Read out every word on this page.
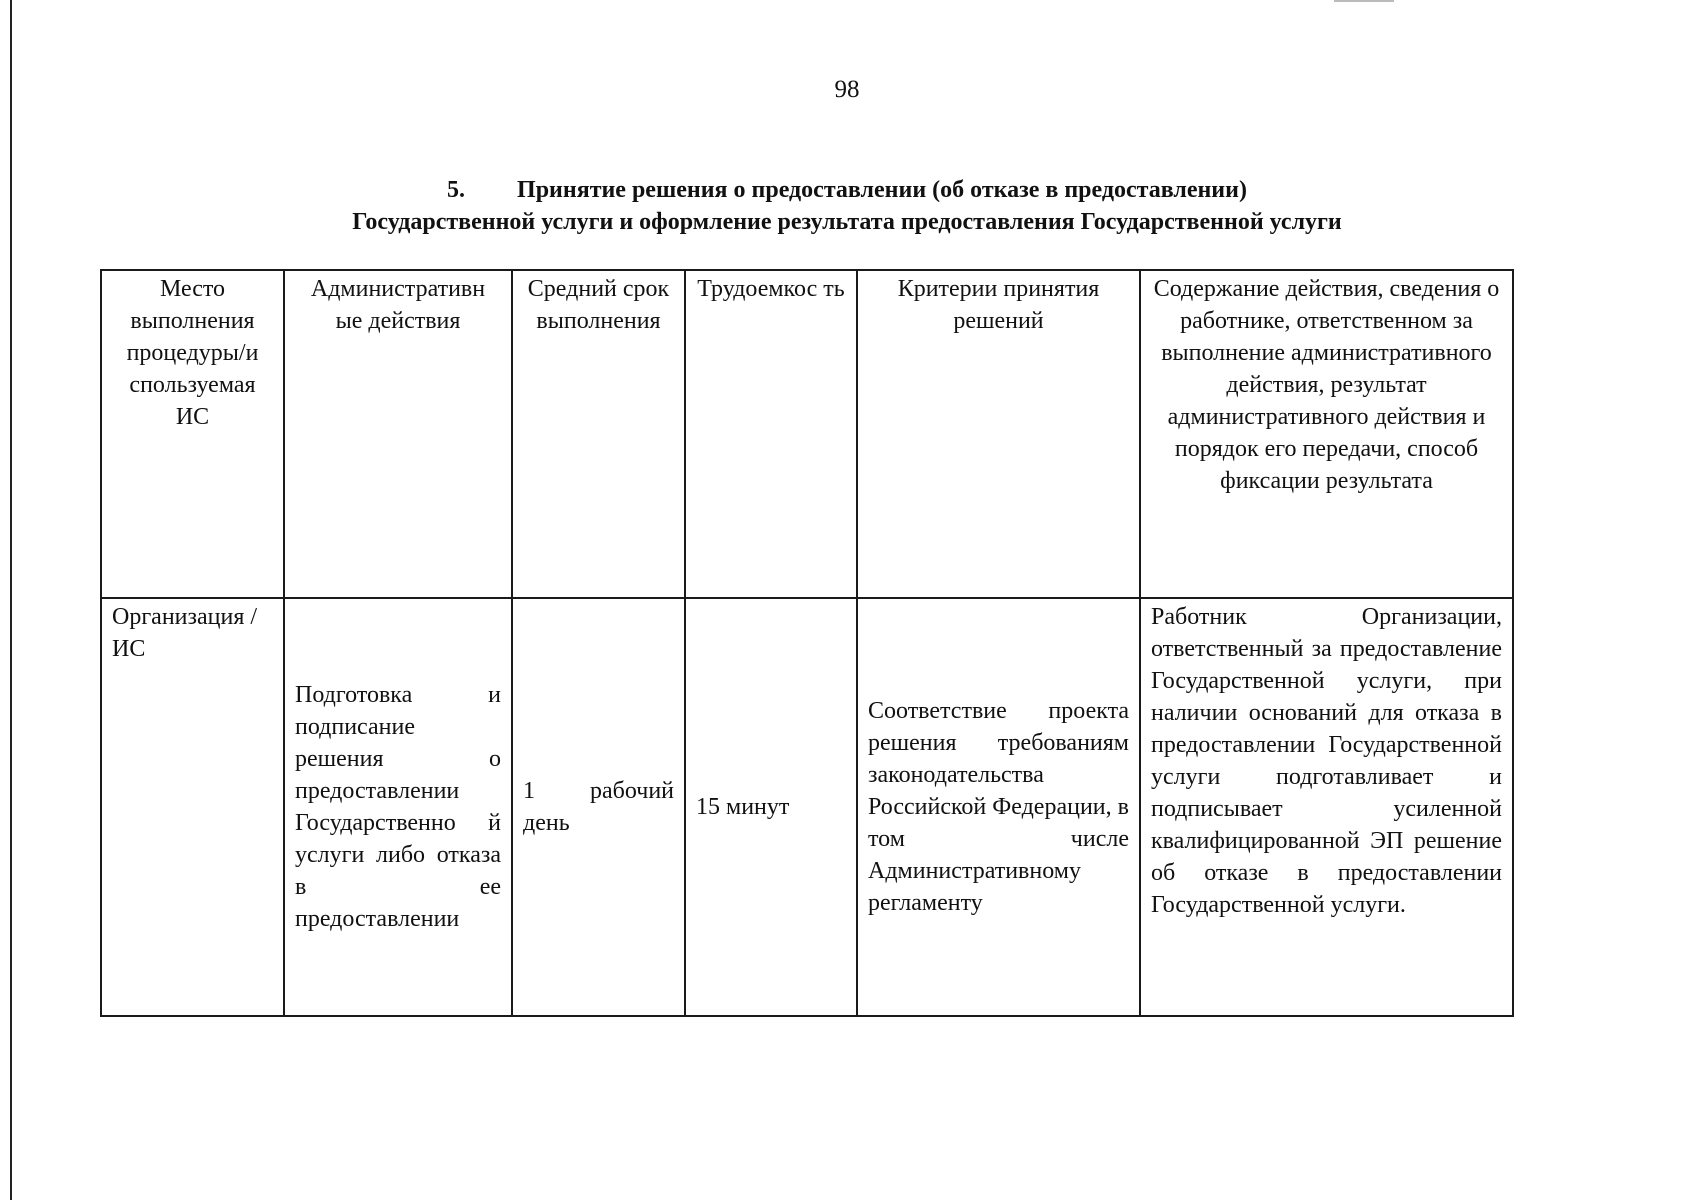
98
5. Принятие решения о предоставлении (об отказе в предоставлении)
Государственной услуги и оформление результата предоставления Государственной услуги
Место выполнения процедуры/и спользуемая ИС	Административн ые действия	Средний срок выполнения	Трудоемкос ть	Критерии принятия решений	Содержание действия, сведения о работнике, ответственном за выполнение административного действия, результат административного действия и порядок его передачи, способ фиксации результата
Организация / ИС	Подготовка и подписание решения о предоставлении Государственно й услуги либо отказа в ее предоставлении	1 рабочий день	15 минут	Соответствие проекта решения требованиям законодательства Российской Федерации, в том числе Административному регламенту	Работник Организации, ответственный за предоставление Государственной услуги, при наличии оснований для отказа в предоставлении Государственной услуги подготавливает и подписывает усиленной квалифицированной ЭП решение об отказе в предоставлении Государственной услуги.
